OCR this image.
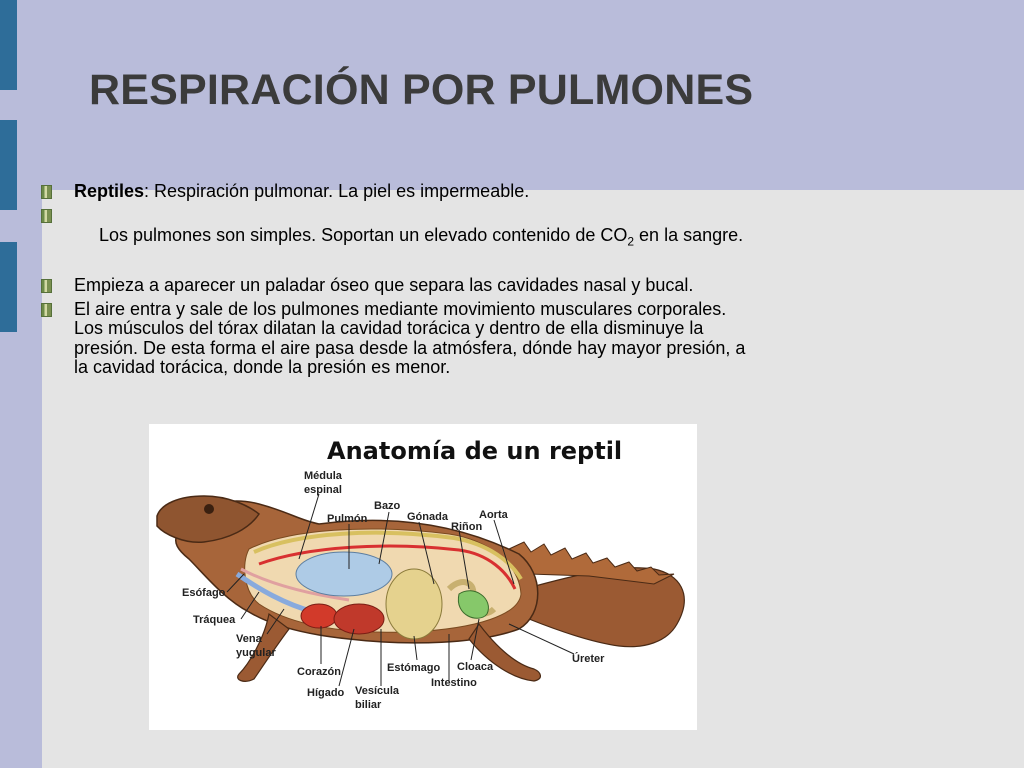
RESPIRACIÓN POR PULMONES
Reptiles: Respiración pulmonar. La piel es impermeable.

Los pulmones son simples. Soportan un elevado contenido de $CO_2$ en la sangre.

Empieza a aparecer un paladar óseo que separa las cavidades nasal y bucal.
El aire entra y sale de los pulmones mediante movimiento musculares corporales.
Los músculos del tórax dilatan la cavidad torácica y dentro de ella disminuye la
presión. De esta forma el aire pasa desde la atmósfera, dónde hay mayor presión, a
la cavidad torácica, donde la presión es menor.
Anatomía de un reptil
Médula
espinal
Bazo
Gónada	Aorta
Pulmón
Riñon
Esófago
Tráquea
Vena
yugular
Corazón	Estómago Cloaca
Úreter
Hígado Vesícula
biliar
Intestino
